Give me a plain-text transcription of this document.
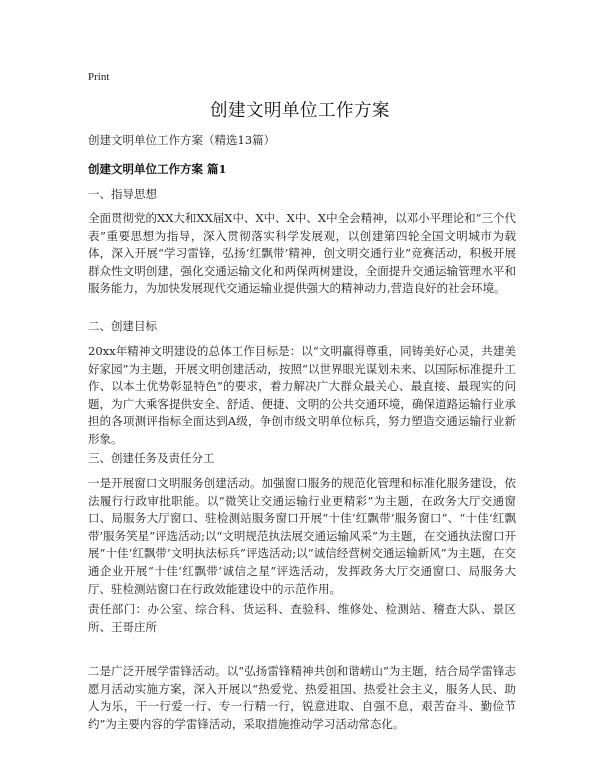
Print
创建文明单位工作方案
创建文明单位工作方案（精选13篇）
创建文明单位工作方案 篇1
一、指导思想

全面贯彻党的XX大和XX届X中、X中、X中、X中全会精神，以邓小平理论和“三个代表”重要思想为指导，深入贯彻落实科学发展观，以创建第四轮全国文明城市为载体，深入开展“学习雷锋，弘扬‘红飘带’精神，创文明交通行业”竞赛活动，积极开展群众性文明创建，强化交通运输文化和两保两树建设，全面提升交通运输管理水平和服务能力，为加快发展现代交通运输业提供强大的精神动力,营造良好的社会环境。

二、创建目标

20xx年精神文明建设的总体工作目标是：以“文明赢得尊重，同铸美好心灵，共建美好家园”为主题，开展文明创建活动，按照“以世界眼光谋划未来、以国际标准提升工作、以本土优势彰显特色”的要求，着力解决广大群众最关心、最直接、最现实的问题，为广大乘客提供安全、舒适、便捷、文明的公共交通环境，确保道路运输行业承担的各项测评指标全面达到A级，争创市级文明单位标兵，努力塑造交通运输行业新形象。

三、创建任务及责任分工

一是开展窗口文明服务创建活动。加强窗口服务的规范化管理和标准化服务建设，依法履行行政审批职能。以“微笑让交通运输行业更精彩”为主题，在政务大厅交通窗口、局服务大厅窗口、驻检测站服务窗口开展“十佳‘红飘带’服务窗口”、“十佳‘红飘带’服务笑星”评选活动;以“文明规范执法展交通运输风采”为主题，在交通执法窗口开展“十佳‘红飘带’文明执法标兵”评选活动;以“诚信经营树交通运输新风”为主题，在交通企业开展“十佳‘红飘带’诚信之星”评选活动，发挥政务大厅交通窗口、局服务大厅、驻检测站窗口在行政效能建设中的示范作用。

责任部门：办公室、综合科、货运科、查验科、维修处、检测站、稽查大队、景区所、王哥庄所

二是广泛开展学雷锋活动。以“弘扬雷锋精神共创和谐崂山”为主题，结合局学雷锋志愿月活动实施方案，深入开展以“热爱党、热爱祖国、热爱社会主义，服务人民、助人为乐，干一行爱一行、专一行精一行，锐意进取、自强不息，艰苦奋斗、勤俭节约”为主要内容的学雷锋活动，采取措施推动学习活动常态化。
